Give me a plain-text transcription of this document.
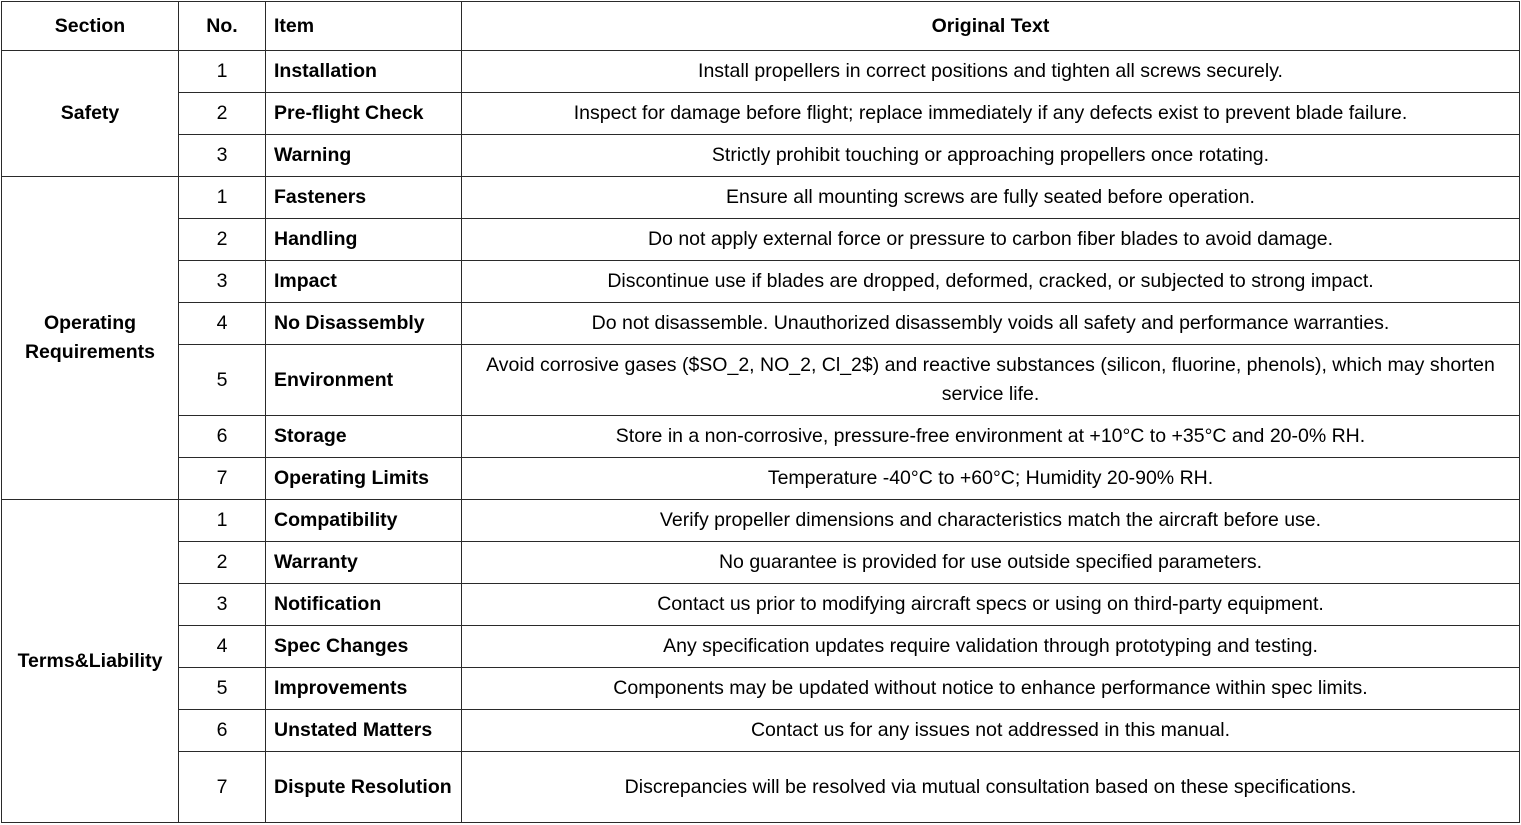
Section	No.	Item	Original Text
Safety	1	Installation	Install propellers in correct positions and tighten all screws securely.
	2	Pre-flight Check	Inspect for damage before flight; replace immediately if any defects exist to prevent blade failure.
	3	Warning	Strictly prohibit touching or approaching propellers once rotating.
Operating Requirements	1	Fasteners	Ensure all mounting screws are fully seated before operation.
	2	Handling	Do not apply external force or pressure to carbon fiber blades to avoid damage.
	3	Impact	Discontinue use if blades are dropped, deformed, cracked, or subjected to strong impact.
	4	No Disassembly	Do not disassemble. Unauthorized disassembly voids all safety and performance warranties.
	5	Environment	Avoid corrosive gases ($SO_2, NO_2, Cl_2$) and reactive substances (silicon, fluorine, phenols), which may shorten service life.
	6	Storage	Store in a non-corrosive, pressure-free environment at +10°C to +35°C and 20-0% RH.
	7	Operating Limits	Temperature -40°C to +60°C; Humidity 20-90% RH.
Terms&Liability	1	Compatibility	Verify propeller dimensions and characteristics match the aircraft before use.
	2	Warranty	No guarantee is provided for use outside specified parameters.
	3	Notification	Contact us prior to modifying aircraft specs or using on third-party equipment.
	4	Spec Changes	Any specification updates require validation through prototyping and testing.
	5	Improvements	Components may be updated without notice to enhance performance within spec limits.
	6	Unstated Matters	Contact us for any issues not addressed in this manual.
	7	Dispute Resolution	Discrepancies will be resolved via mutual consultation based on these specifications.
